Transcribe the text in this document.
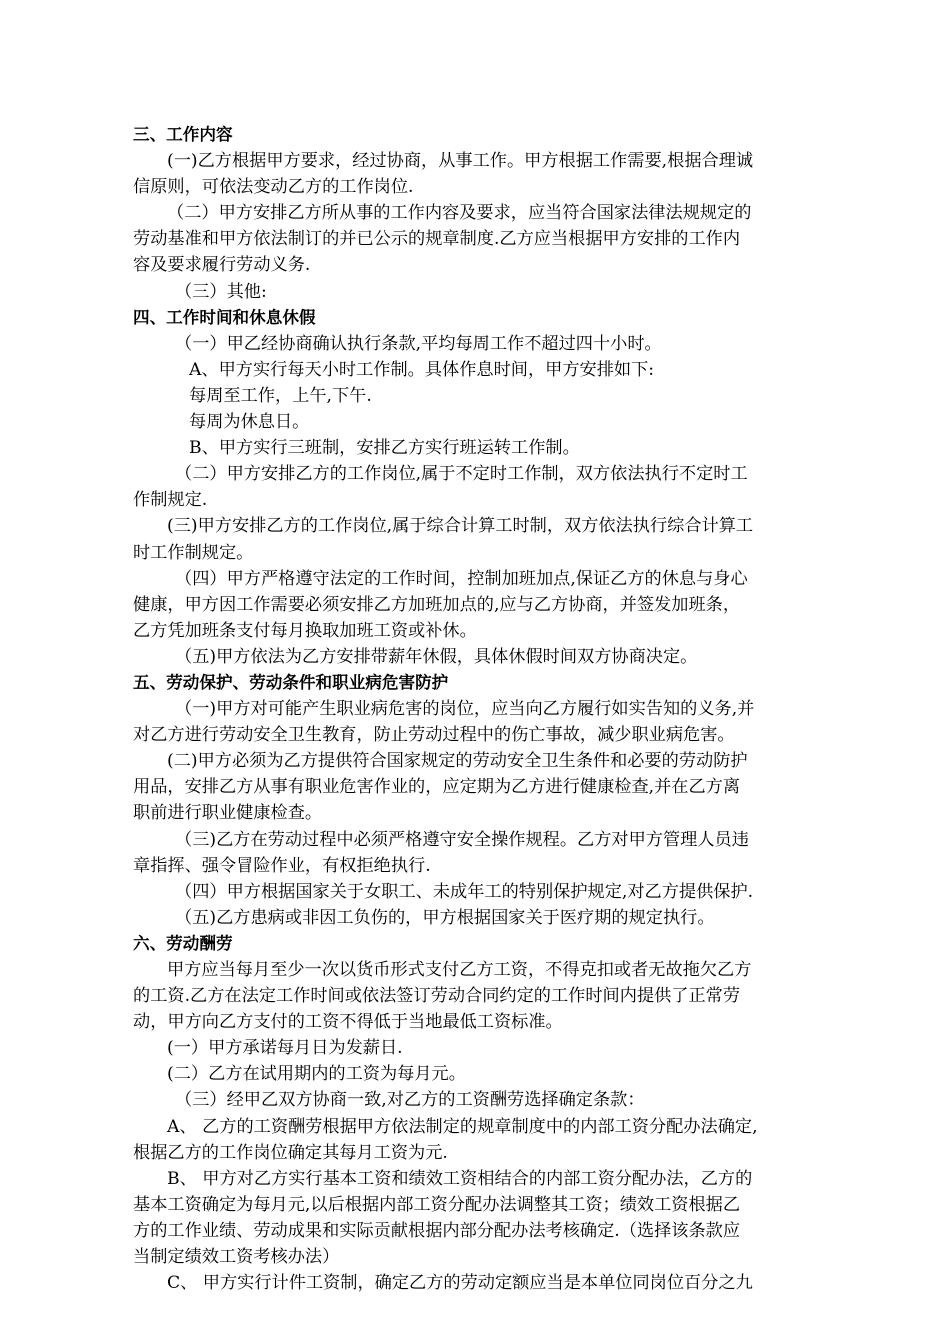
三、工作内容
(一)乙方根据甲方要求，经过协商，从事工作。甲方根据工作需要,根据合理诚
信原则，可依法变动乙方的工作岗位.
（二）甲方安排乙方所从事的工作内容及要求，应当符合国家法律法规规定的
劳动基准和甲方依法制订的并已公示的规章制度.乙方应当根据甲方安排的工作内
容及要求履行劳动义务.
（三）其他:
四、工作时间和休息休假
（一）甲乙经协商确认执行条款,平均每周工作不超过四十小时。
A、甲方实行每天小时工作制。具体作息时间，甲方安排如下:
每周至工作，上午,下午.
每周为休息日。
B、甲方实行三班制，安排乙方实行班运转工作制。
（二）甲方安排乙方的工作岗位,属于不定时工作制，双方依法执行不定时工
作制规定.
(三)甲方安排乙方的工作岗位,属于综合计算工时制，双方依法执行综合计算工
时工作制规定。
（四）甲方严格遵守法定的工作时间，控制加班加点,保证乙方的休息与身心
健康，甲方因工作需要必须安排乙方加班加点的,应与乙方协商，并签发加班条，
乙方凭加班条支付每月换取加班工资或补休。
（五)甲方依法为乙方安排带薪年休假，具体休假时间双方协商决定。
五、劳动保护、劳动条件和职业病危害防护
（一)甲方对可能产生职业病危害的岗位，应当向乙方履行如实告知的义务,并
对乙方进行劳动安全卫生教育，防止劳动过程中的伤亡事故，减少职业病危害。
(二)甲方必须为乙方提供符合国家规定的劳动安全卫生条件和必要的劳动防护
用品，安排乙方从事有职业危害作业的，应定期为乙方进行健康检查,并在乙方离
职前进行职业健康检查。
（三)乙方在劳动过程中必须严格遵守安全操作规程。乙方对甲方管理人员违
章指挥、强令冒险作业，有权拒绝执行.
（四）甲方根据国家关于女职工、未成年工的特别保护规定,对乙方提供保护.
（五)乙方患病或非因工负伤的，甲方根据国家关于医疗期的规定执行。
六、劳动酬劳
甲方应当每月至少一次以货币形式支付乙方工资，不得克扣或者无故拖欠乙方
的工资.乙方在法定工作时间或依法签订劳动合同约定的工作时间内提供了正常劳
动，甲方向乙方支付的工资不得低于当地最低工资标准。
(一）甲方承诺每月日为发薪日.
(二）乙方在试用期内的工资为每月元。
（三）经甲乙双方协商一致,对乙方的工资酬劳选择确定条款：
A、 乙方的工资酬劳根据甲方依法制定的规章制度中的内部工资分配办法确定,
根据乙方的工作岗位确定其每月工资为元.
B、 甲方对乙方实行基本工资和绩效工资相结合的内部工资分配办法，乙方的
基本工资确定为每月元,以后根据内部工资分配办法调整其工资；绩效工资根据乙
方的工作业绩、劳动成果和实际贡献根据内部分配办法考核确定.（选择该条款应
当制定绩效工资考核办法）
C、 甲方实行计件工资制，确定乙方的劳动定额应当是本单位同岗位百分之九
